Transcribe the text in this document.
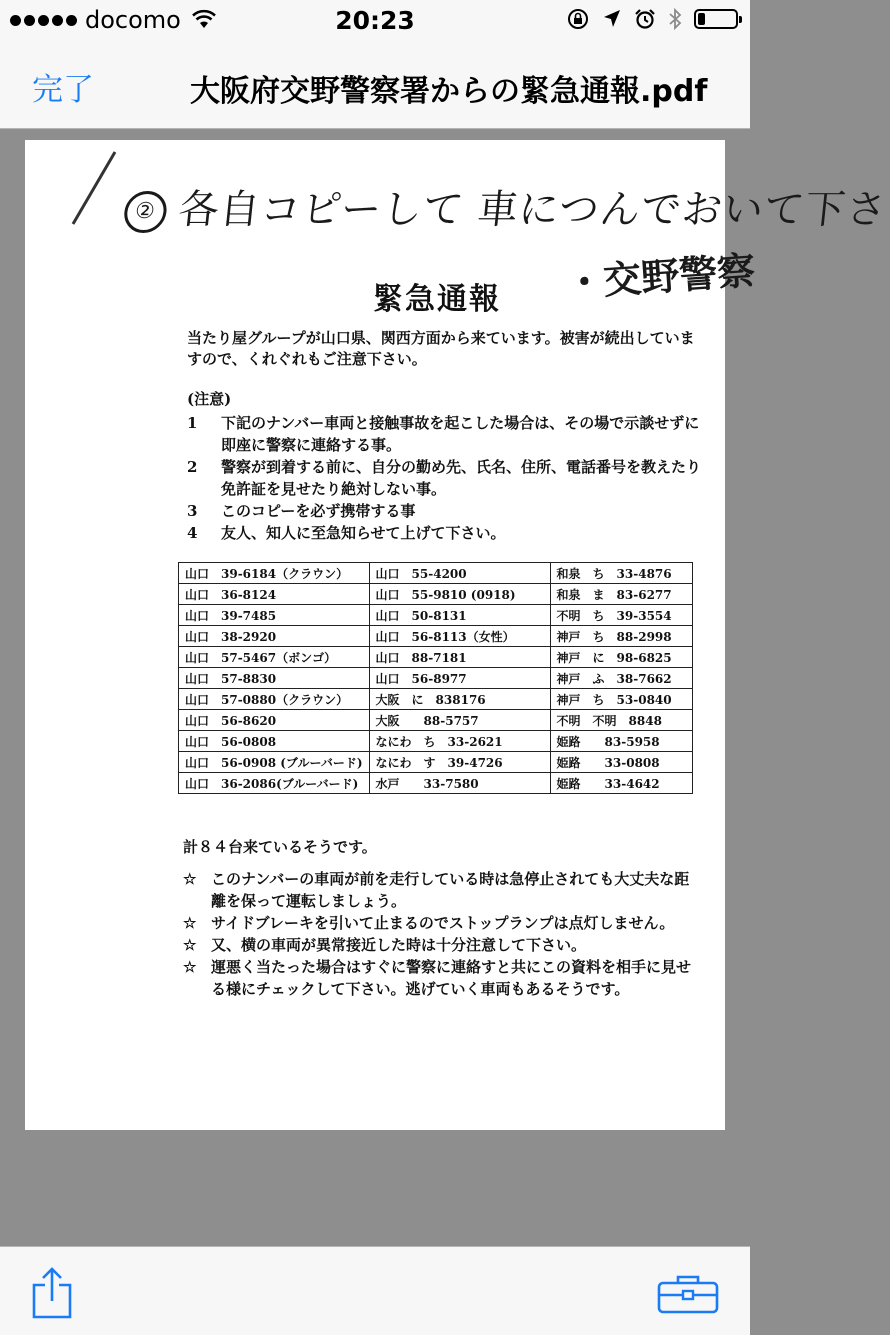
docomo	20:23
完了	大阪府交野警察署からの緊急通報.pdf
② 各自コピーして 車につんでおいて下さ
・交野警察
緊急通報
当たり屋グループが山口県、関西方面から来ています。被害が続出していますので、くれぐれもご注意下さい。
(注意)
1	下記のナンバー車両と接触事故を起こした場合は、その場で示談せずに即座に警察に連絡する事。
2	警察が到着する前に、自分の勤め先、氏名、住所、電話番号を教えたり免許証を見せたり絶対しない事。
3	このコピーを必ず携帯する事
4	友人、知人に至急知らせて上げて下さい。
山口　39-6184（クラウン）	山口　55-4200	和泉　ち　33-4876
山口　36-8124	山口　55-9810 (0918)	和泉　ま　83-6277
山口　39-7485	山口　50-8131	不明　ち　39-3554
山口　38-2920	山口　56-8113（女性）	神戸　ち　88-2998
山口　57-5467（ボンゴ）	山口　88-7181	神戸　に　98-6825
山口　57-8830	山口　56-8977	神戸　ふ　38-7662
山口　57-0880（クラウン）	大阪　に　838176	神戸　ち　53-0840
山口　56-8620	大阪　　88-5757	不明　不明　8848
山口　56-0808	なにわ　ち　33-2621	姫路　　83-5958
山口　56-0908 (ブルーバード)	なにわ　す　39-4726	姫路　　33-0808
山口　36-2086(ブルーバード)	水戸　　33-7580	姫路　　33-4642
計８４台来ているそうです。
☆ このナンバーの車両が前を走行している時は急停止されても大丈夫な距離を保って運転しましょう。
☆ サイドブレーキを引いて止まるのでストップランプは点灯しません。
☆ 又、横の車両が異常接近した時は十分注意して下さい。
☆ 運悪く当たった場合はすぐに警察に連絡すと共にこの資料を相手に見せる様にチェックして下さい。逃げていく車両もあるそうです。
